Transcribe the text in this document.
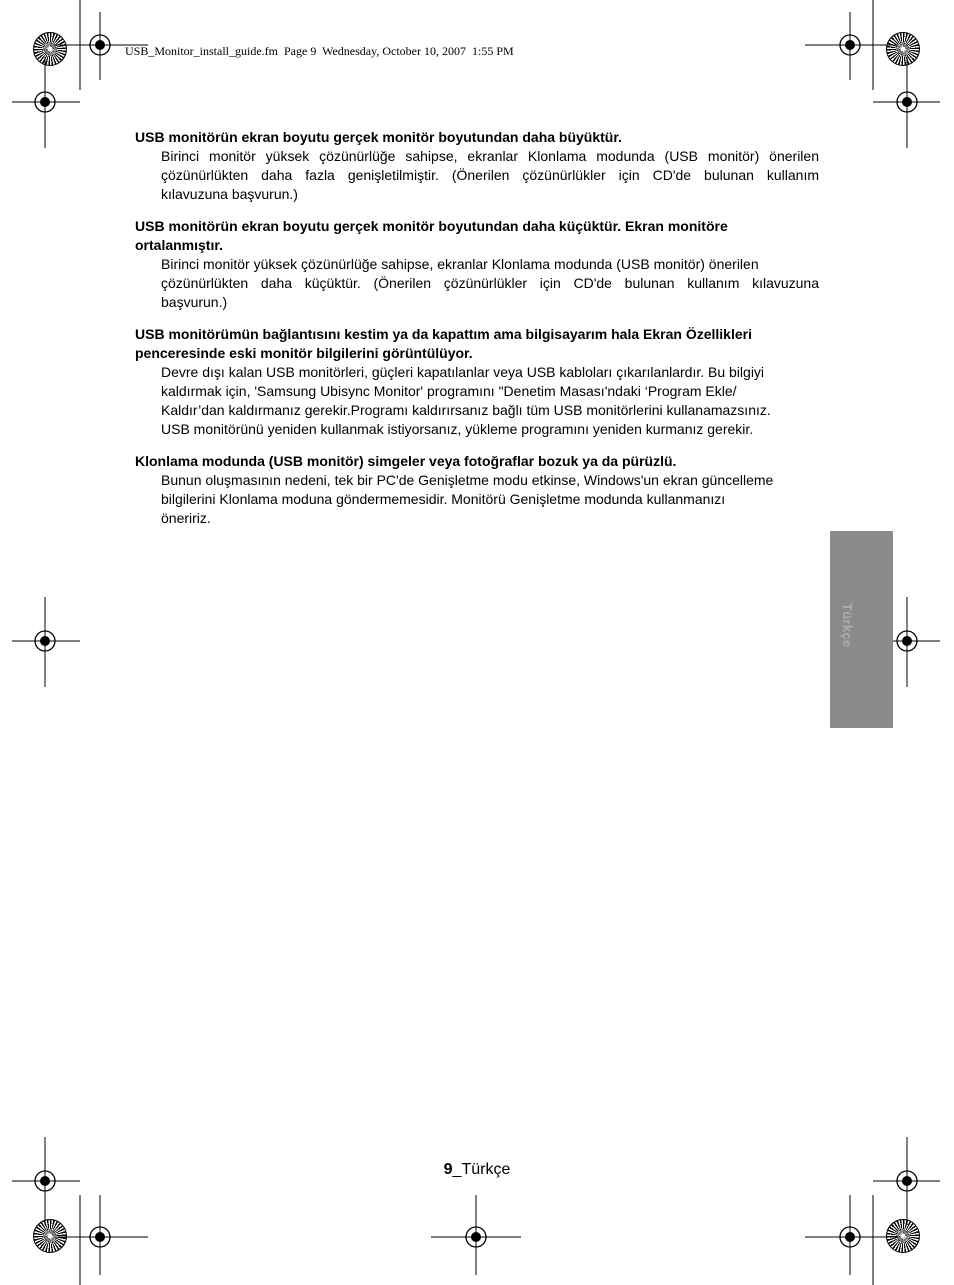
USB_Monitor_install_guide.fm  Page 9  Wednesday, October 10, 2007  1:55 PM
USB monitörün ekran boyutu gerçek monitör boyutundan daha büyüktür.
Birinci monitör yüksek çözünürlüğe sahipse, ekranlar Klonlama modunda (USB monitör) önerilen
çözünürlükten daha fazla genişletilmiştir. (Önerilen çözünürlükler için CD'de bulunan kullanım
kılavuzuna başvurun.)
USB monitörün ekran boyutu gerçek monitör boyutundan daha küçüktür. Ekran monitöre
ortalanmıştır.
Birinci monitör yüksek çözünürlüğe sahipse, ekranlar Klonlama modunda (USB monitör) önerilen
çözünürlükten daha küçüktür. (Önerilen çözünürlükler için CD'de bulunan kullanım kılavuzuna
başvurun.)
USB monitörümün bağlantısını kestim ya da kapattım ama bilgisayarım hala Ekran Özellikleri
penceresinde eski monitör bilgilerini görüntülüyor.
Devre dışı kalan USB monitörleri, güçleri kapatılanlar veya USB kabloları çıkarılanlardır. Bu bilgiyi
kaldırmak için, 'Samsung Ubisync Monitor' programını "Denetim Masası'ndaki ‘Program Ekle/
Kaldır’dan kaldırmanız gerekir.Programı kaldırırsanız bağlı tüm USB monitörlerini kullanamazsınız.
USB monitörünü yeniden kullanmak istiyorsanız, yükleme programını yeniden kurmanız gerekir.
Klonlama modunda (USB monitör) simgeler veya fotoğraflar bozuk ya da pürüzlü.
Bunun oluşmasının nedeni, tek bir PC'de Genişletme modu etkinse, Windows'un ekran güncelleme
bilgilerini Klonlama moduna göndermemesidir. Monitörü Genişletme modunda kullanmanızı
öneririz.
Türkçe
9_Türkçe
